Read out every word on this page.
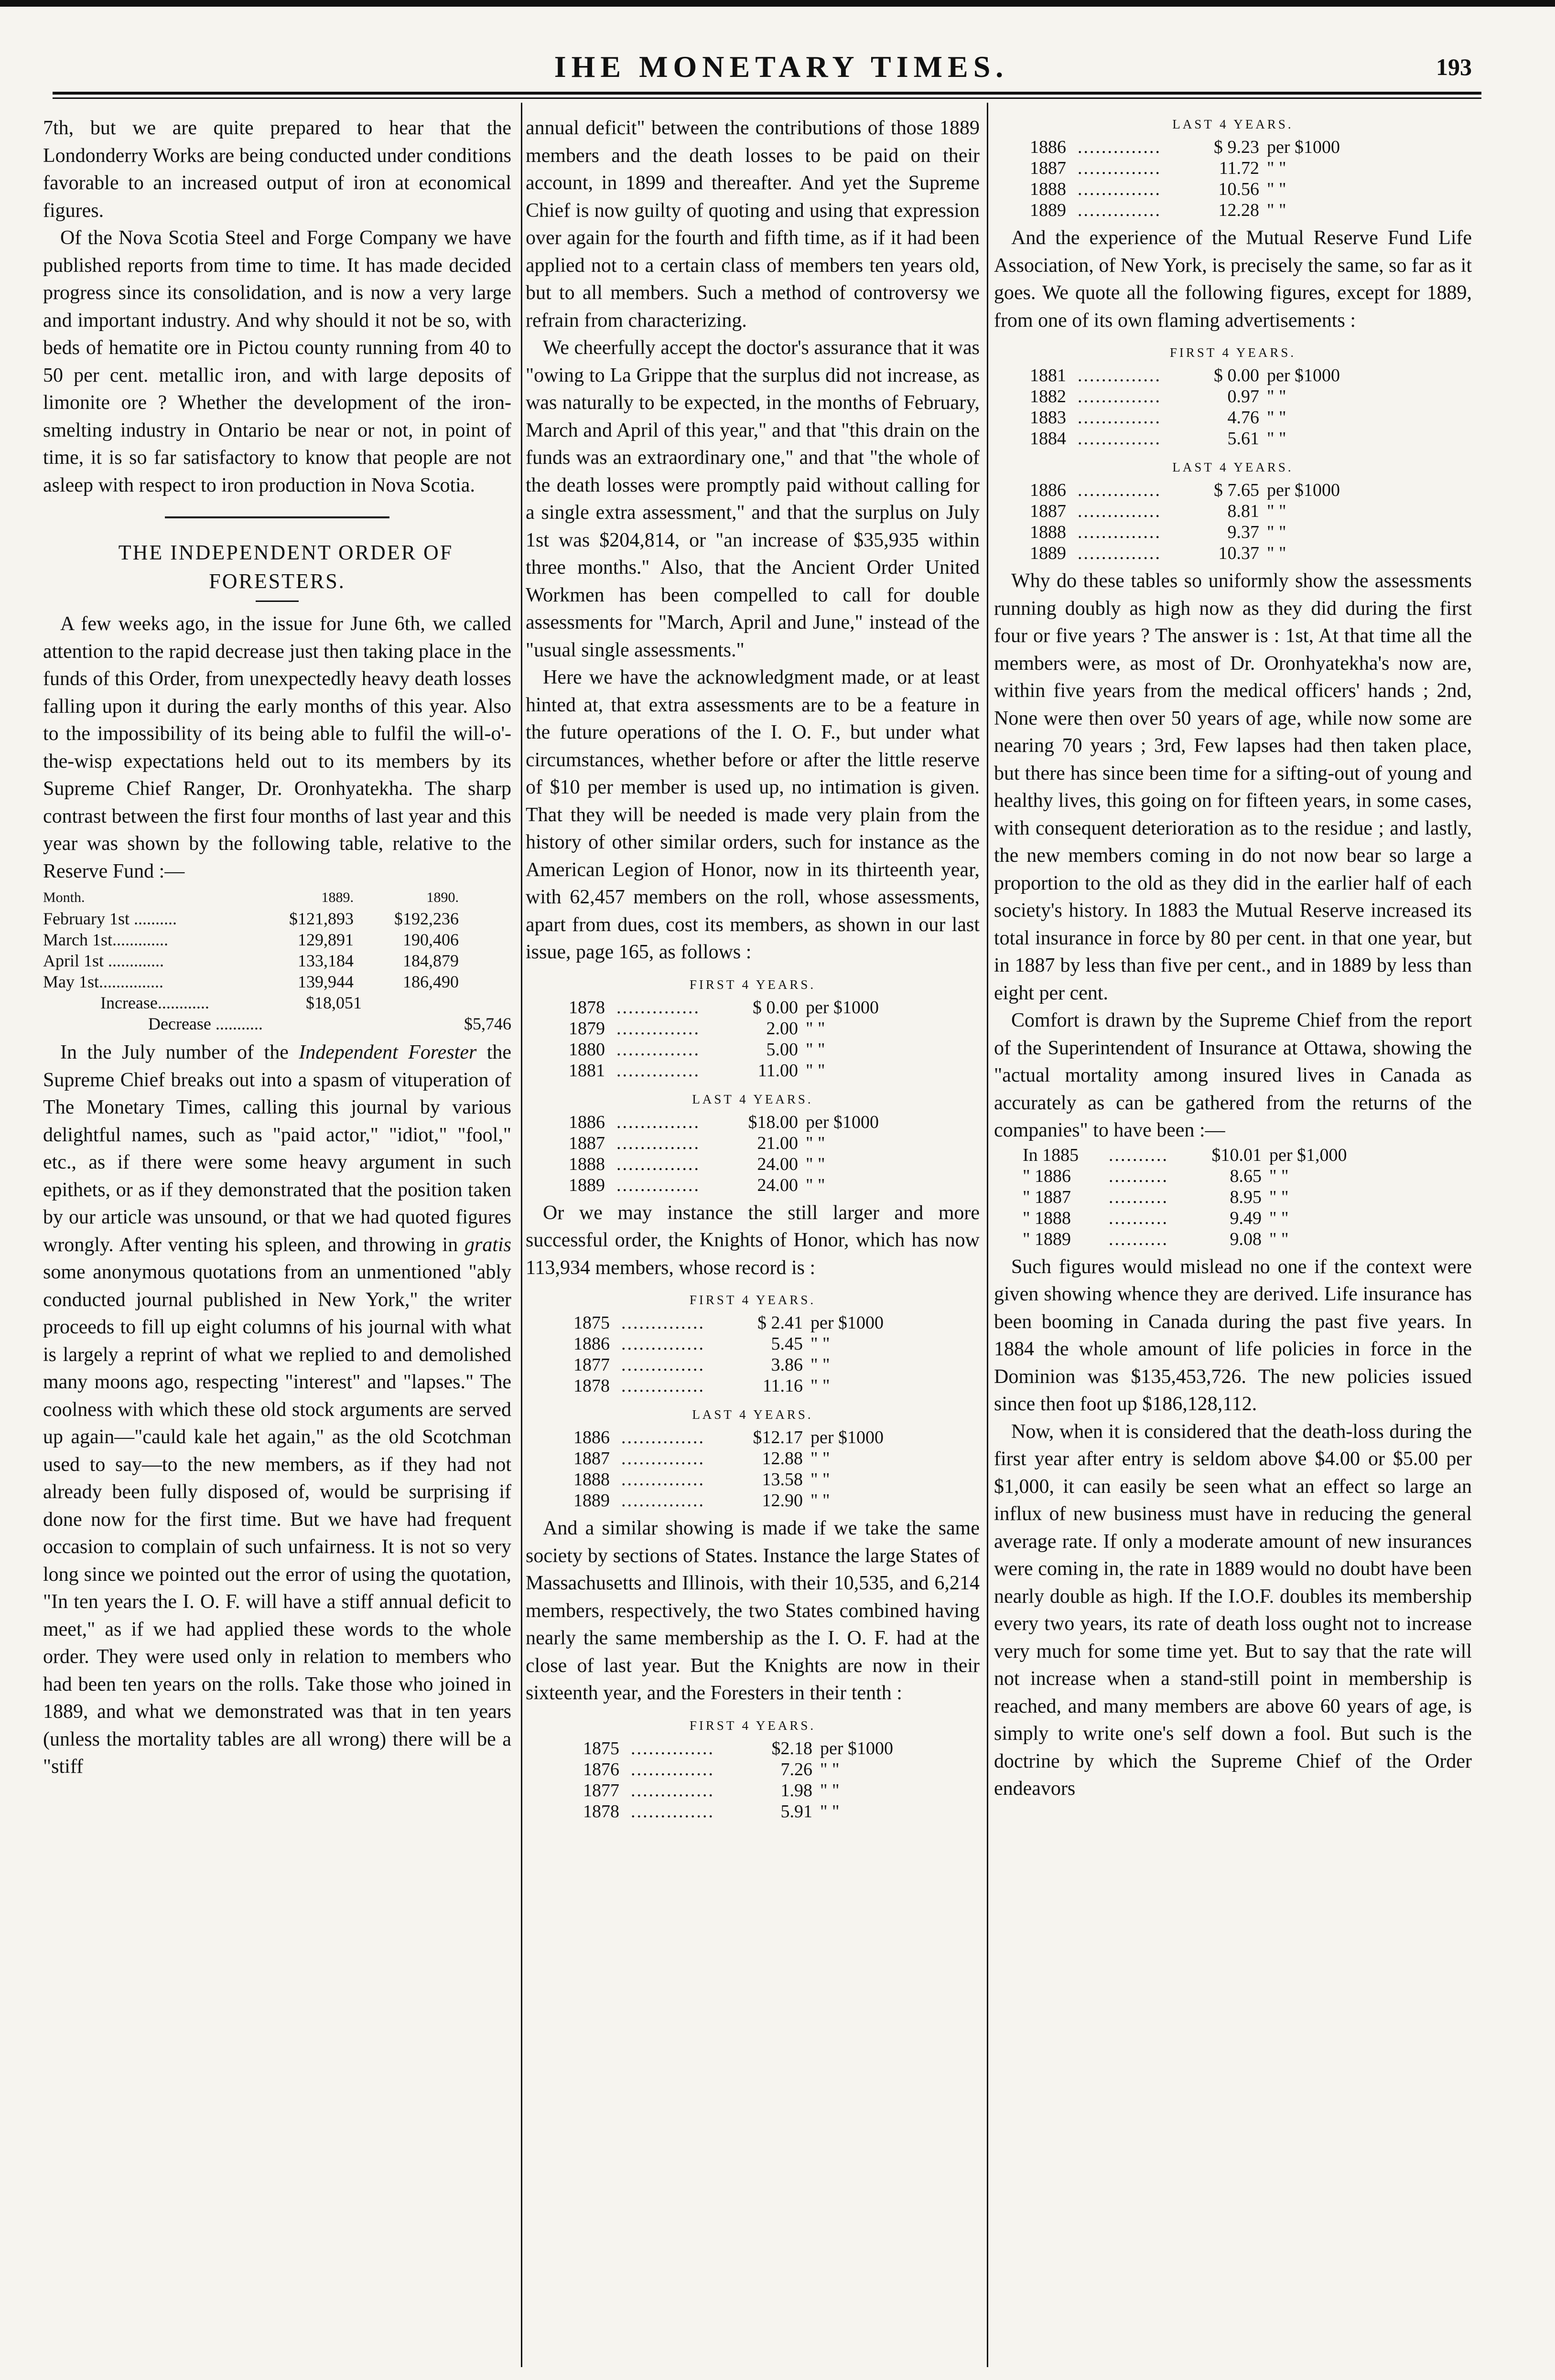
IHE MONETARY TIMES.	193

7th, but we are quite prepared to hear that the Londonderry Works are being conducted under conditions favorable to an increased output of iron at economical figures.

Of the Nova Scotia Steel and Forge Company we have published reports from time to time. It has made decided progress since its consolidation, and is now a very large and important industry. And why should it not be so, with beds of hematite ore in Pictou county running from 40 to 50 per cent. metallic iron, and with large deposits of limonite ore ? Whether the development of the iron-smelting industry in Ontario be near or not, in point of time, it is so far satisfactory to know that people are not asleep with respect to iron production in Nova Scotia.

THE INDEPENDENT ORDER OF FORESTERS.

A few weeks ago, in the issue for June 6th, we called attention to the rapid decrease just then taking place in the funds of this Order, from unexpectedly heavy death losses falling upon it during the early months of this year. Also to the impossibility of its being able to fulfil the will-o'-the-wisp expectations held out to its members by its Supreme Chief Ranger, Dr. Oronhyatekha. The sharp contrast between the first four months of last year and this year was shown by the following table, relative to the Reserve Fund :—

Month.	1889.	1890.
February 1st ..........	$121,893	$192,236
March 1st.............	129,891	190,406
April 1st .............	133,184	184,879
May 1st...............	139,944	186,490
Increase............	$18,051
Decrease ...........	$5,746

In the July number of the Independent Forester the Supreme Chief breaks out into a spasm of vituperation of The Monetary Times, calling this journal by various delightful names, such as "paid actor," "idiot," "fool," etc., as if there were some heavy argument in such epithets, or as if they demonstrated that the position taken by our article was unsound, or that we had quoted figures wrongly. After venting his spleen, and throwing in gratis some anonymous quotations from an unmentioned "ably conducted journal published in New York," the writer proceeds to fill up eight columns of his journal with what is largely a reprint of what we replied to and demolished many moons ago, respecting "interest" and "lapses." The coolness with which these old stock arguments are served up again—"cauld kale het again," as the old Scotchman used to say—to the new members, as if they had not already been fully disposed of, would be surprising if done now for the first time. But we have had frequent occasion to complain of such unfairness. It is not so very long since we pointed out the error of using the quotation, "In ten years the I. O. F. will have a stiff annual deficit to meet," as if we had applied these words to the whole order. They were used only in relation to members who had been ten years on the rolls. Take those who joined in 1889, and what we demonstrated was that in ten years (unless the mortality tables are all wrong) there will be a "stiff

annual deficit" between the contributions of those 1889 members and the death losses to be paid on their account, in 1899 and thereafter. And yet the Supreme Chief is now guilty of quoting and using that expression over again for the fourth and fifth time, as if it had been applied not to a certain class of members ten years old, but to all members. Such a method of controversy we refrain from characterizing.

We cheerfully accept the doctor's assurance that it was "owing to La Grippe that the surplus did not increase, as was naturally to be expected, in the months of February, March and April of this year," and that "this drain on the funds was an extraordinary one," and that "the whole of the death losses were promptly paid without calling for a single extra assessment," and that the surplus on July 1st was $204,814, or "an increase of $35,935 within three months." Also, that the Ancient Order United Workmen has been compelled to call for double assessments for "March, April and June," instead of the "usual single assessments."

Here we have the acknowledgment made, or at least hinted at, that extra assessments are to be a feature in the future operations of the I. O. F., but under what circumstances, whether before or after the little reserve of $10 per member is used up, no intimation is given. That they will be needed is made very plain from the history of other similar orders, such for instance as the American Legion of Honor, now in its thirteenth year, with 62,457 members on the roll, whose assessments, apart from dues, cost its members, as shown in our last issue, page 165, as follows :

FIRST 4 YEARS.
1878 ..............	$ 0.00 per $1000
1879 ..............	2.00 " "
1880 ..............	5.00 " "
1881 ..............	11.00 " "
LAST 4 YEARS.
1886 ..............	$18.00 per $1000
1887 ..............	21.00 " "
1888 ..............	24.00 " "
1889 ..............	24.00 " "

Or we may instance the still larger and more successful order, the Knights of Honor, which has now 113,934 members, whose record is :

FIRST 4 YEARS.
1875 ..............	$ 2.41 per $1000
1886 ..............	5.45 " "
1877 ..............	3.86 " "
1878 ..............	11.16 " "
LAST 4 YEARS.
1886 ..............	$12.17 per $1000
1887 ..............	12.88 " "
1888 ..............	13.58 " "
1889 ..............	12.90 " "

And a similar showing is made if we take the same society by sections of States. Instance the large States of Massachusetts and Illinois, with their 10,535, and 6,214 members, respectively, the two States combined having nearly the same membership as the I. O. F. had at the close of last year. But the Knights are now in their sixteenth year, and the Foresters in their tenth :

FIRST 4 YEARS.
1875 ..............	$2.18 per $1000
1876 ..............	7.26 " "
1877 ..............	1.98 " "
1878 ..............	5.91 " "
LAST 4 YEARS.
1886 ..............	$ 9.23 per $1000
1887 ..............	11.72 " "
1888 ..............	10.56 " "
1889 ..............	12.28 " "

And the experience of the Mutual Reserve Fund Life Association, of New York, is precisely the same, so far as it goes. We quote all the following figures, except for 1889, from one of its own flaming advertisements :

FIRST 4 YEARS.
1881 ..............	$ 0.00 per $1000
1882 ..............	0.97 " "
1883 ..............	4.76 " "
1884 ..............	5.61 " "
LAST 4 YEARS.
1886 ..............	$ 7.65 per $1000
1887 ..............	8.81 " "
1888 ..............	9.37 " "
1889 ..............	10.37 " "

Why do these tables so uniformly show the assessments running doubly as high now as they did during the first four or five years ? The answer is : 1st, At that time all the members were, as most of Dr. Oronhyatekha's now are, within five years from the medical officers' hands ; 2nd, None were then over 50 years of age, while now some are nearing 70 years ; 3rd, Few lapses had then taken place, but there has since been time for a sifting-out of young and healthy lives, this going on for fifteen years, in some cases, with consequent deterioration as to the residue ; and lastly, the new members coming in do not now bear so large a proportion to the old as they did in the earlier half of each society's history. In 1883 the Mutual Reserve increased its total insurance in force by 80 per cent. in that one year, but in 1887 by less than five per cent., and in 1889 by less than eight per cent.

Comfort is drawn by the Supreme Chief from the report of the Superintendent of Insurance at Ottawa, showing the "actual mortality among insured lives in Canada as accurately as can be gathered from the returns of the companies" to have been :—

In 1885	..........	$10.01 per $1,000
" 1886	..........	8.65 " "
" 1887	..........	8.95 " "
" 1888	..........	9.49 " "
" 1889	..........	9.08 " "

Such figures would mislead no one if the context were given showing whence they are derived. Life insurance has been booming in Canada during the past five years. In 1884 the whole amount of life policies in force in the Dominion was $135,453,726. The new policies issued since then foot up $186,128,112.

Now, when it is considered that the death-loss during the first year after entry is seldom above $4.00 or $5.00 per $1,000, it can easily be seen what an effect so large an influx of new business must have in reducing the general average rate. If only a moderate amount of new insurances were coming in, the rate in 1889 would no doubt have been nearly double as high. If the I.O.F. doubles its membership every two years, its rate of death loss ought not to increase very much for some time yet. But to say that the rate will not increase when a stand-still point in membership is reached, and many members are above 60 years of age, is simply to write one's self down a fool. But such is the doctrine by which the Supreme Chief of the Order endeavors
